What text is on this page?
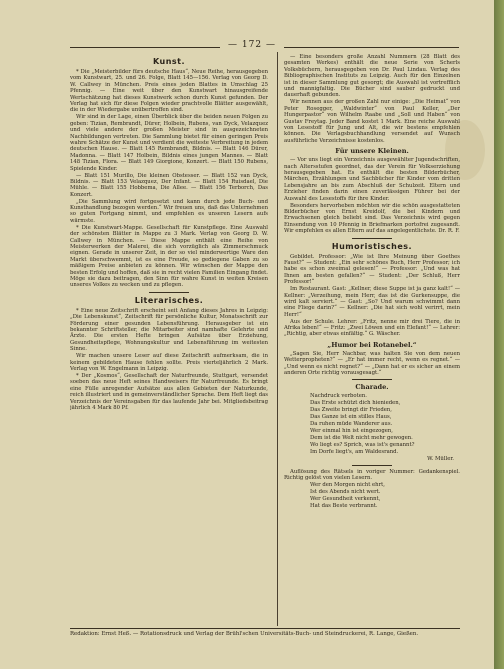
— 172 —
Kunst.

* Die „Meisterbilder fürs deutsche Haus“, Neue Reihe, herausgegeben vom Kunstwart, 25. und 26. Folge, Blatt 145—156. Verlag von Georg D. W. Callwey in München. Preis eines jeden Blattes in Umschlag 25 Pfennig. — Eine weit über den Kunstwart hinausgreifende Wertschätzung hat dieses Kunstwerk schon durch Kunst gefunden. Der Verlag hat sich für diese Folgen wieder prachtvolle Blätter ausgewählt, die in der Wiedergabe unübertroffen sind.

Wir sind in der Lage, einen Überblick über die beiden neuen Folgen zu geben: Tizian, Rembrandt, Dürer, Holbein, Rubens, van Dyck, Velazquez und viele andere der großen Meister sind in ausgezeichneten Nachbildungen vertreten. Die Sammlung bietet für einen geringen Preis wahre Schätze der Kunst und verdient die weiteste Verbreitung in jedem deutschen Hause. — Blatt 145 Rembrandt, Bildnis. — Blatt 146 Dürer, Madonna. — Blatt 147 Holbein, Bildnis eines jungen Mannes. — Blatt 148 Tizian, Flora. — Blatt 149 Giorgione, Konzert. — Blatt 150 Rubens, Spielende Kinder.

— Blatt 151 Murillo, Die kleinen Obstesser. — Blatt 152 van Dyck, Bildnis. — Blatt 153 Velazquez, Der Infant. — Blatt 154 Ruisdael, Die Mühle. — Blatt 155 Hobbema, Die Allee. — Blatt 156 Terborch, Das Konzert.

„Die Sammlung wird fortgesetzt und kann durch jede Buch- und Kunsthandlung bezogen werden.“ Wir freuen uns, daß das Unternehmen so guten Fortgang nimmt, und empfehlen es unseren Lesern aufs wärmste.

* Die Kunstwart-Mappe. Gesellschaft für Kunstpflege. Eine Auswahl der schönsten Blätter in Mappe zu 3 Mark. Verlag von Georg D. W. Callwey in München. — Diese Mappe enthält eine Reihe von Meisterwerken der Malerei, die sich vorzüglich als Zimmerschmuck eignen. Gerade in unserer Zeit, in der so viel minderwertige Ware den Markt überschwemmt, ist es eine Freude, so gediegene Gaben zu so mäßigem Preise anbieten zu können. Wir wünschen der Mappe den besten Erfolg und hoffen, daß sie in recht vielen Familien Eingang findet. Möge sie dazu beitragen, den Sinn für wahre Kunst in weiten Kreisen unseres Volkes zu wecken und zu pflegen.

Literarisches.

* Eine neue Zeitschrift erscheint seit Anfang dieses Jahres in Leipzig: „Die Lebenskunst“, Zeitschrift für persönliche Kultur, Monatsschrift zur Förderung einer gesunden Lebensführung. Herausgeber ist ein bekannter Schriftsteller, die Mitarbeiter sind namhafte Gelehrte und Ärzte. Die ersten Hefte bringen Aufsätze über Erziehung, Gesundheitspflege, Wohnungskultur und Lebensführung im weitesten Sinne.

Wir machen unsere Leser auf diese Zeitschrift aufmerksam, die in keinem gebildeten Hause fehlen sollte. Preis vierteljährlich 2 Mark. Verlag von W. Engelmann in Leipzig.

* Der „Kosmos“, Gesellschaft der Naturfreunde, Stuttgart, versendet soeben das neue Heft seines Handweisers für Naturfreunde. Es bringt eine Fülle anregender Aufsätze aus allen Gebieten der Naturkunde, reich illustriert und in gemeinverständlicher Sprache. Dem Heft liegt das Verzeichnis der Vereinsgaben für das laufende Jahr bei. Mitgliedsbeitrag jährlich 4 Mark 80 Pf.

— Eine besonders große Anzahl Nummern (28 Blatt des gesamten Werkes) enthält die neue Serie von Scherls Volksbüchern, herausgegeben von Dr. Paul Lindau. Verlag des Bibliographischen Instituts zu Leipzig. Auch für den Einzelnen ist in dieser Sammlung gut gesorgt; die Auswahl ist vortrefflich und mannigfaltig. Die Bücher sind sauber gedruckt und dauerhaft gebunden.

Wir nennen aus der großen Zahl nur einige: „Die Heimat“ von Peter Rosegger, „Waldwinter“ von Paul Keller, „Der Hungerpastor“ von Wilhelm Raabe und „Soll und Haben“ von Gustav Freytag. Jeder Band kostet 1 Mark. Eine reiche Auswahl von Lesestoff für Jung und Alt, die wir bestens empfehlen können. Die Verlagsbuchhandlung versendet auf Wunsch ausführliche Verzeichnisse kostenlos.

Für unsere Kleinen.

— Vor uns liegt ein Verzeichnis ausgewählter Jugendschriften, nach Altersstufen geordnet, das der Verein für Volkserziehung herausgegeben hat. Es enthält die besten Bilderbücher, Märchen, Erzählungen und Sachbücher für Kinder vom dritten Lebensjahre an bis zum Abschluß der Schulzeit. Eltern und Erzieher finden darin einen zuverlässigen Führer bei der Auswahl des Lesestoffs für ihre Kinder.

Besonders hervorheben möchten wir die schön ausgestatteten Bilderbücher von Ernst Kreidolf, die bei Kindern und Erwachsenen gleich beliebt sind. Das Verzeichnis wird gegen Einsendung von 10 Pfennig in Briefmarken portofrei zugesandt. Wir empfehlen es allen Eltern auf das angelegentlichste. Dr. R. F.

Humoristisches.

Gebildet. Professor: „Wie ist Ihre Meinung über Goethes Faust?“ — Student: „Ein sehr schönes Buch, Herr Professor; ich habe es schon zweimal gelesen!“ — Professor: „Und was hat Ihnen am besten gefallen?“ — Student: „Der Schluß, Herr Professor!“

Im Restaurant. Gast: „Kellner, diese Suppe ist ja ganz kalt!“ — Kellner: „Verzeihung, mein Herr, das ist die Gurkensuppe, die wird kalt serviert.“ — Gast: „So? Und warum schwimmt dann eine Fliege darin?“ — Kellner: „Die hat sich wohl verirrt, mein Herr!“

Aus der Schule. Lehrer: „Fritz, nenne mir drei Tiere, die in Afrika leben!“ — Fritz: „Zwei Löwen und ein Elefant!“ — Lehrer: „Richtig, aber etwas einfältig.“ G. Wäscher.

„Humor bei Rotanebel.“

„Sagen Sie, Herr Nachbar, was halten Sie von dem neuen Wetterpropheten?“ — „Er hat immer recht, wenn es regnet.“ — „Und wenn es nicht regnet?“ — „Dann hat er es sicher an einem anderen Orte richtig vorausgesagt.“

Charade.

Nachdruck verboten.

Das Erste schützt dich hienieden,

Das Zweite bringt dir Frieden,

Das Ganze ist ein stilles Haus,

Da ruhen müde Wanderer aus.

Wer einmal hin ist eingezogen,

Dem ist die Welt nicht mehr gewogen.

Wo liegt es? Sprich, was ist's genannt?

Im Dorfe liegt's, am Waldesrand.

W. Müller.

Auflösung des Rätsels in voriger Nummer: Gedankenspiel. Richtig gelöst von vielen Lesern.

Wer den Morgen nicht ehrt,

Ist des Abends nicht wert.

Wer Gesundheit verkennt,

Hat das Beste verbrannt.

Redaktion: Ernst Heß. — Rotationsdruck und Verlag der Brühl'schen Universitäts-Buch- und Steindruckerei, R. Lange, Gießen.
